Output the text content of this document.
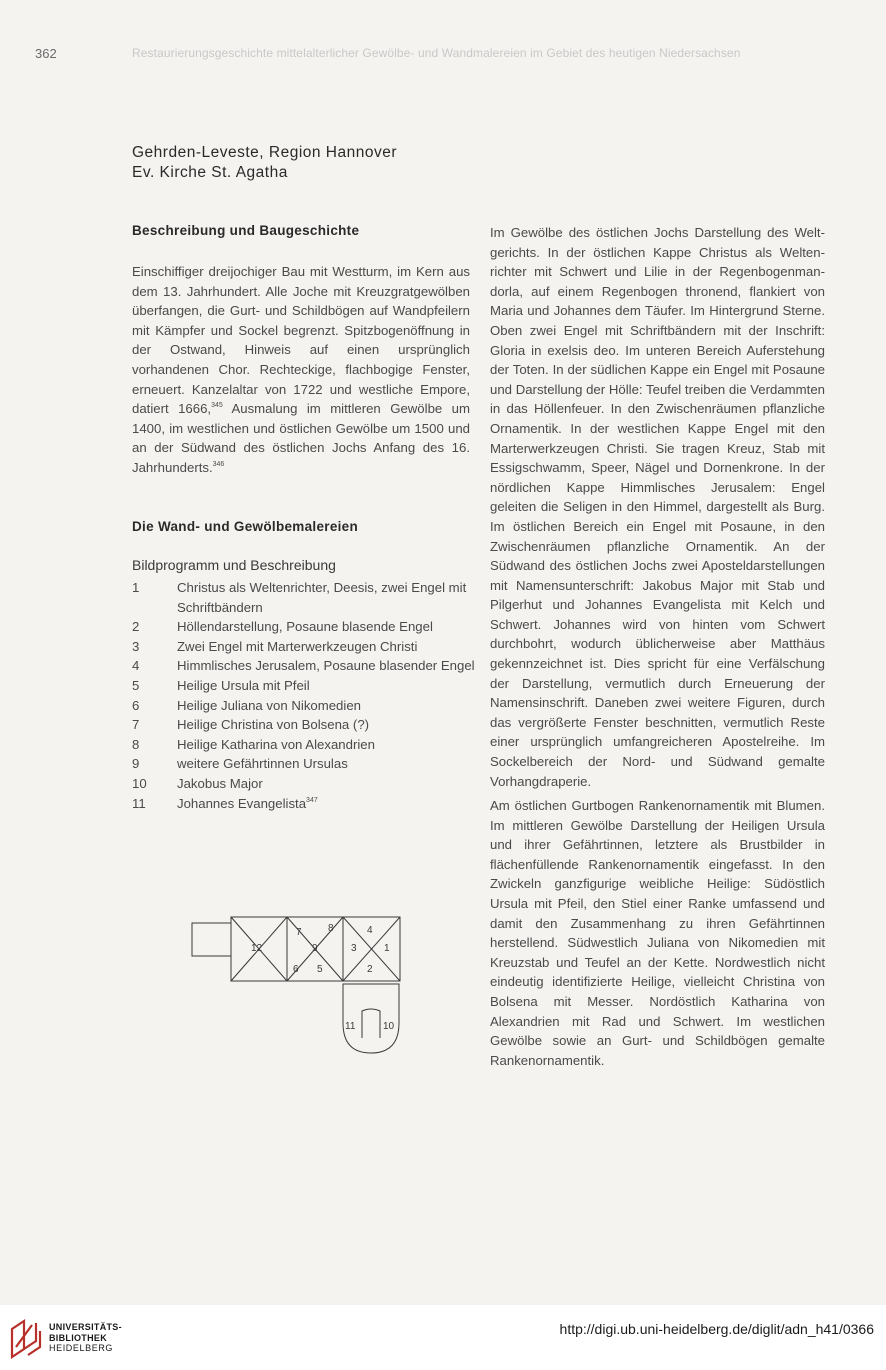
362	Restaurierungsgeschichte mittelalterlicher Gewölbe- und Wandmalereien im Gebiet des heutigen Niedersachsen
Gehrden-Leveste, Region Hannover
Ev. Kirche St. Agatha
Beschreibung und Baugeschichte
Einschiffiger dreijochiger Bau mit Westturm, im Kern aus dem 13. Jahrhundert. Alle Joche mit Kreuzgratgewölben überfangen, die Gurt- und Schildbögen auf Wandpfeilern mit Kämpfer und Sockel begrenzt. Spitzbogenöffnung in der Ostwand, Hinweis auf einen ursprünglich vorhandenen Chor. Rechteckige, flachbogige Fenster, erneuert. Kanzelaltar von 1722 und westliche Empore, datiert 1666,$^{345}$ Ausmalung im mittleren Gewölbe um 1400, im westlichen und östlichen Gewölbe um 1500 und an der Südwand des östlichen Jochs Anfang des 16. Jahrhunderts.$^{346}$
Die Wand- und Gewölbemalereien
Bildprogramm und Beschreibung
1	Christus als Weltenrichter, Deesis, zwei Engel mit Schriftbändern
2	Höllendarstellung, Posaune blasende Engel
3	Zwei Engel mit Marterwerkzeugen Christi
4	Himmlisches Jerusalem, Posaune blasender Engel
5	Heilige Ursula mit Pfeil
6	Heilige Juliana von Nikomedien
7	Heilige Christina von Bolsena (?)
8	Heilige Katharina von Alexandrien
9	weitere Gefährtinnen Ursulas
10	Jakobus Major
11	Johannes Evangelista$^{347}$
12
7	8
9
6 5
4
3	1
2
11	10
Im Gewölbe des östlichen Jochs Darstellung des Weltgerichts. In der östlichen Kappe Christus als Weltenrichter mit Schwert und Lilie in der Regenbogenmandorla, auf einem Regenbogen thronend, flankiert von Maria und Johannes dem Täufer. Im Hintergrund Sterne. Oben zwei Engel mit Schriftbändern mit der Inschrift: Gloria in exelsis deo. Im unteren Bereich Auferstehung der Toten. In der südlichen Kappe ein Engel mit Posaune und Darstellung der Hölle: Teufel treiben die Verdammten in das Höllenfeuer. In den Zwischenräumen pflanzliche Ornamentik. In der westlichen Kappe Engel mit den Marterwerkzeugen Christi. Sie tragen Kreuz, Stab mit Essigschwamm, Speer, Nägel und Dornenkrone. In der nördlichen Kappe Himmlisches Jerusalem: Engel geleiten die Seligen in den Himmel, dargestellt als Burg. Im östlichen Bereich ein Engel mit Posaune, in den Zwischenräumen pflanzliche Ornamentik. An der Südwand des östlichen Jochs zwei Aposteldarstellungen mit Namensunterschrift: Jakobus Major mit Stab und Pilgerhut und Johannes Evangelista mit Kelch und Schwert. Johannes wird von hinten vom Schwert durchbohrt, wodurch üblicherweise aber Matthäus gekennzeichnet ist. Dies spricht für eine Verfälschung der Darstellung, vermutlich durch Erneuerung der Namensinschrift. Daneben zwei weitere Figuren, durch das vergrößerte Fenster beschnitten, vermutlich Reste einer ursprünglich umfangreicheren Apostelreihe. Im Sockelbereich der Nord- und Südwand gemalte Vorhangdraperie.
Am östlichen Gurtbogen Rankenornamentik mit Blumen. Im mittleren Gewölbe Darstellung der Heiligen Ursula und ihrer Gefährtinnen, letztere als Brustbilder in flächenfüllende Rankenornamentik eingefasst. In den Zwickeln ganzfigurige weibliche Heilige: Südöstlich Ursula mit Pfeil, den Stiel einer Ranke umfassend und damit den Zusammenhang zu ihren Gefährtinnen herstellend. Südwestlich Juliana von Nikomedien mit Kreuzstab und Teufel an der Kette. Nordwestlich nicht eindeutig identifizierte Heilige, vielleicht Christina von Bolsena mit Messer. Nordöstlich Katharina von Alexandrien mit Rad und Schwert. Im westlichen Gewölbe sowie an Gurt- und Schildbögen gemalte Rankenornamentik.
UNIVERSITÄTS-
BIBLIOTHEK
HEIDELBERG
http://digi.ub.uni-heidelberg.de/diglit/adn_h41/0366
